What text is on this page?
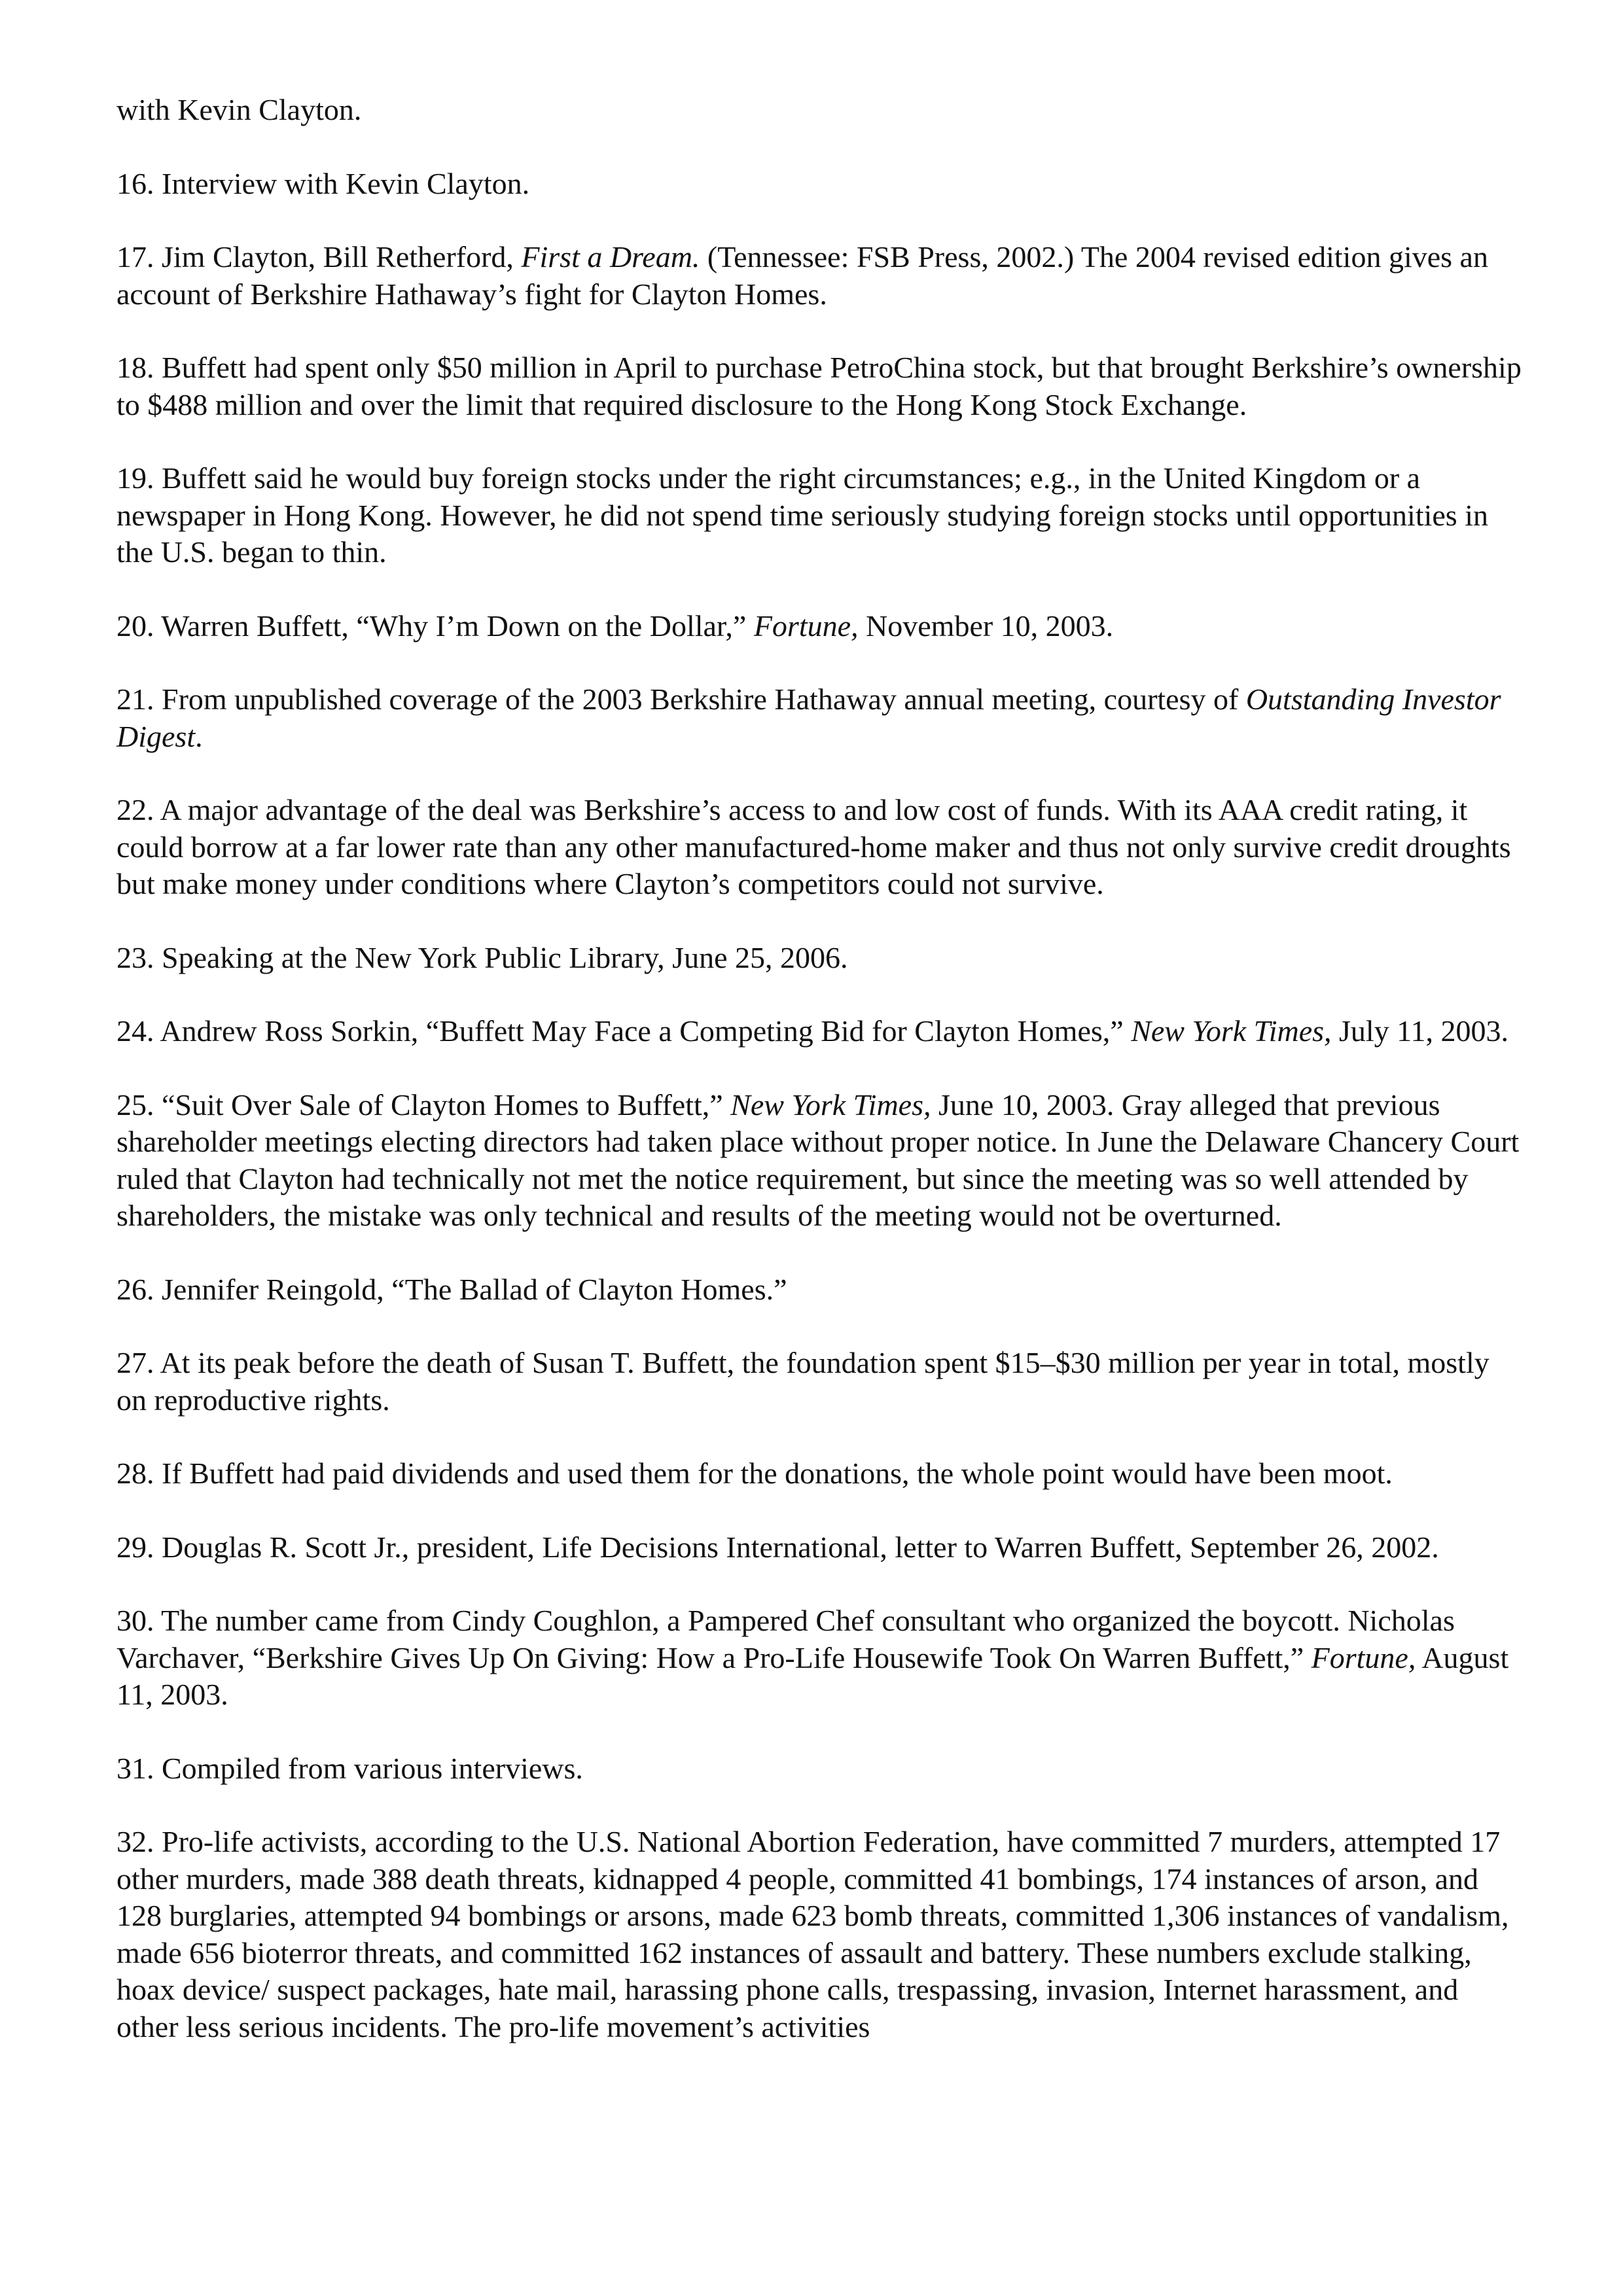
with Kevin Clayton.

16. Interview with Kevin Clayton.

17. Jim Clayton, Bill Retherford, First a Dream. (Tennessee: FSB Press, 2002.) The 2004 revised edition gives an account of Berkshire Hathaway’s fight for Clayton Homes.

18. Buffett had spent only $50 million in April to purchase PetroChina stock, but that brought Berkshire’s ownership to $488 million and over the limit that required disclosure to the Hong Kong Stock Exchange.

19. Buffett said he would buy foreign stocks under the right circumstances; e.g., in the United Kingdom or a newspaper in Hong Kong. However, he did not spend time seriously studying foreign stocks until opportunities in the U.S. began to thin.

20. Warren Buffett, “Why I’m Down on the Dollar,” Fortune, November 10, 2003.

21. From unpublished coverage of the 2003 Berkshire Hathaway annual meeting, courtesy of Outstanding Investor Digest.

22. A major advantage of the deal was Berkshire’s access to and low cost of funds. With its AAA credit rating, it could borrow at a far lower rate than any other manufactured-home maker and thus not only survive credit droughts but make money under conditions where Clayton’s competitors could not survive.

23. Speaking at the New York Public Library, June 25, 2006.

24. Andrew Ross Sorkin, “Buffett May Face a Competing Bid for Clayton Homes,” New York Times, July 11, 2003.

25. “Suit Over Sale of Clayton Homes to Buffett,” New York Times, June 10, 2003. Gray alleged that previous shareholder meetings electing directors had taken place without proper notice. In June the Delaware Chancery Court ruled that Clayton had technically not met the notice requirement, but since the meeting was so well attended by shareholders, the mistake was only technical and results of the meeting would not be overturned.

26. Jennifer Reingold, “The Ballad of Clayton Homes.”

27. At its peak before the death of Susan T. Buffett, the foundation spent $15–$30 million per year in total, mostly on reproductive rights.

28. If Buffett had paid dividends and used them for the donations, the whole point would have been moot.

29. Douglas R. Scott Jr., president, Life Decisions International, letter to Warren Buffett, September 26, 2002.

30. The number came from Cindy Coughlon, a Pampered Chef consultant who organized the boycott. Nicholas Varchaver, “Berkshire Gives Up On Giving: How a Pro-Life Housewife Took On Warren Buffett,” Fortune, August 11, 2003.

31. Compiled from various interviews.

32. Pro-life activists, according to the U.S. National Abortion Federation, have committed 7 murders, attempted 17 other murders, made 388 death threats, kidnapped 4 people, committed 41 bombings, 174 instances of arson, and 128 burglaries, attempted 94 bombings or arsons, made 623 bomb threats, committed 1,306 instances of vandalism, made 656 bioterror threats, and committed 162 instances of assault and battery. These numbers exclude stalking, hoax device/ suspect packages, hate mail, harassing phone calls, trespassing, invasion, Internet harassment, and other less serious incidents. The pro-life movement’s activities
